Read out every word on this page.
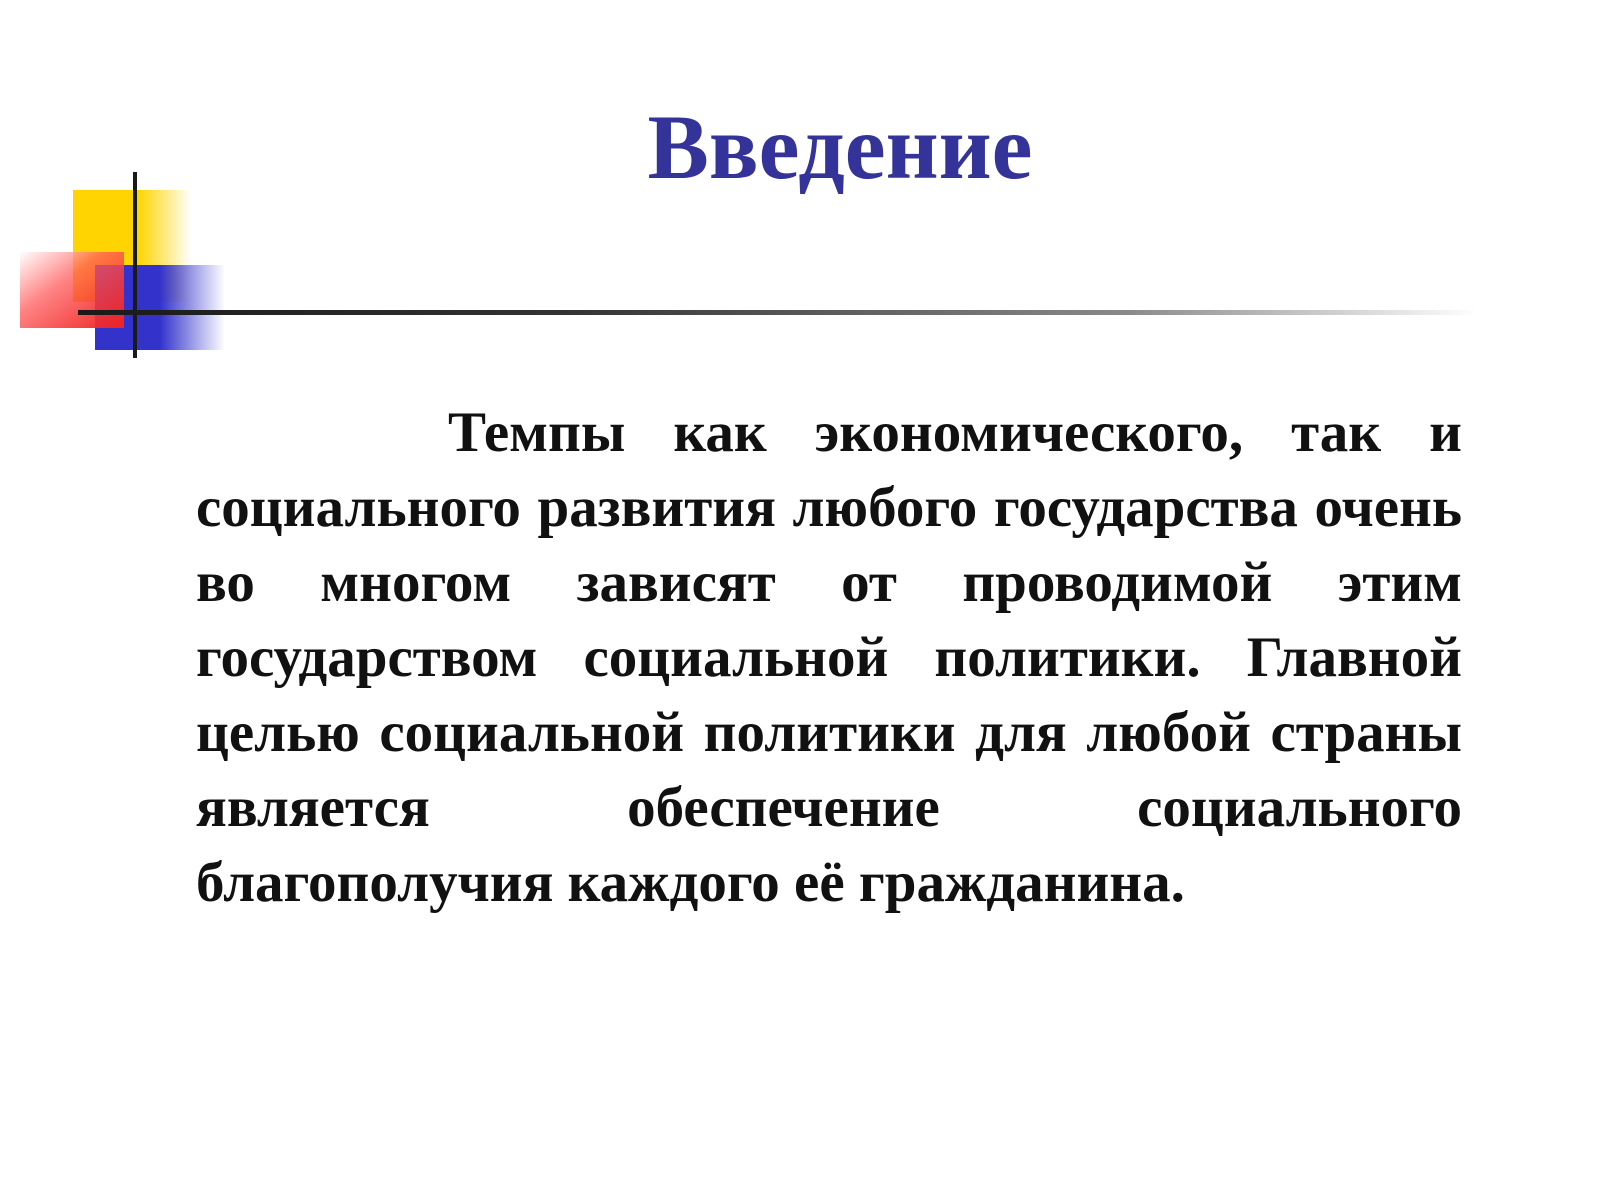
Введение

Темпы как экономического, так и социального развития любого государства очень во многом зависят от проводимой этим государством социальной политики. Главной целью социальной политики для любой страны является обеспечение социального благополучия каждого её гражданина.
